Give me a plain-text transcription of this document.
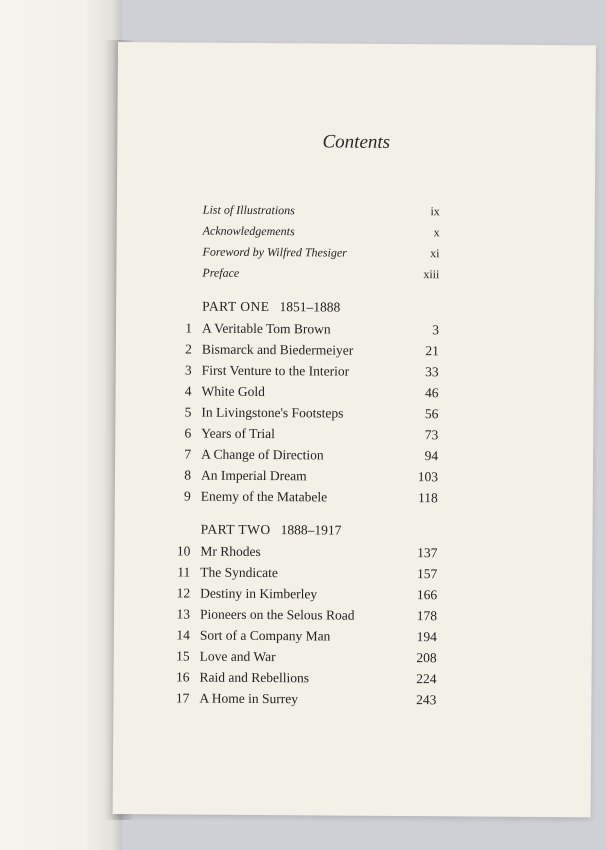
Contents
List of Illustrations	ix
Acknowledgements	x
Foreword by Wilfred Thesiger	xi
Preface	xiii
PART ONE 1851–1888
1 A Veritable Tom Brown	3
2 Bismarck and Biedermeiyer	21
3 First Venture to the Interior	33
4 White Gold	46
5 In Livingstone's Footsteps	56
6 Years of Trial	73
7 A Change of Direction	94
8 An Imperial Dream	103
9 Enemy of the Matabele	118
PART TWO 1888–1917
10 Mr Rhodes	137
11 The Syndicate	157
12 Destiny in Kimberley	166
13 Pioneers on the Selous Road	178
14 Sort of a Company Man	194
15 Love and War	208
16 Raid and Rebellions	224
17 A Home in Surrey	243
